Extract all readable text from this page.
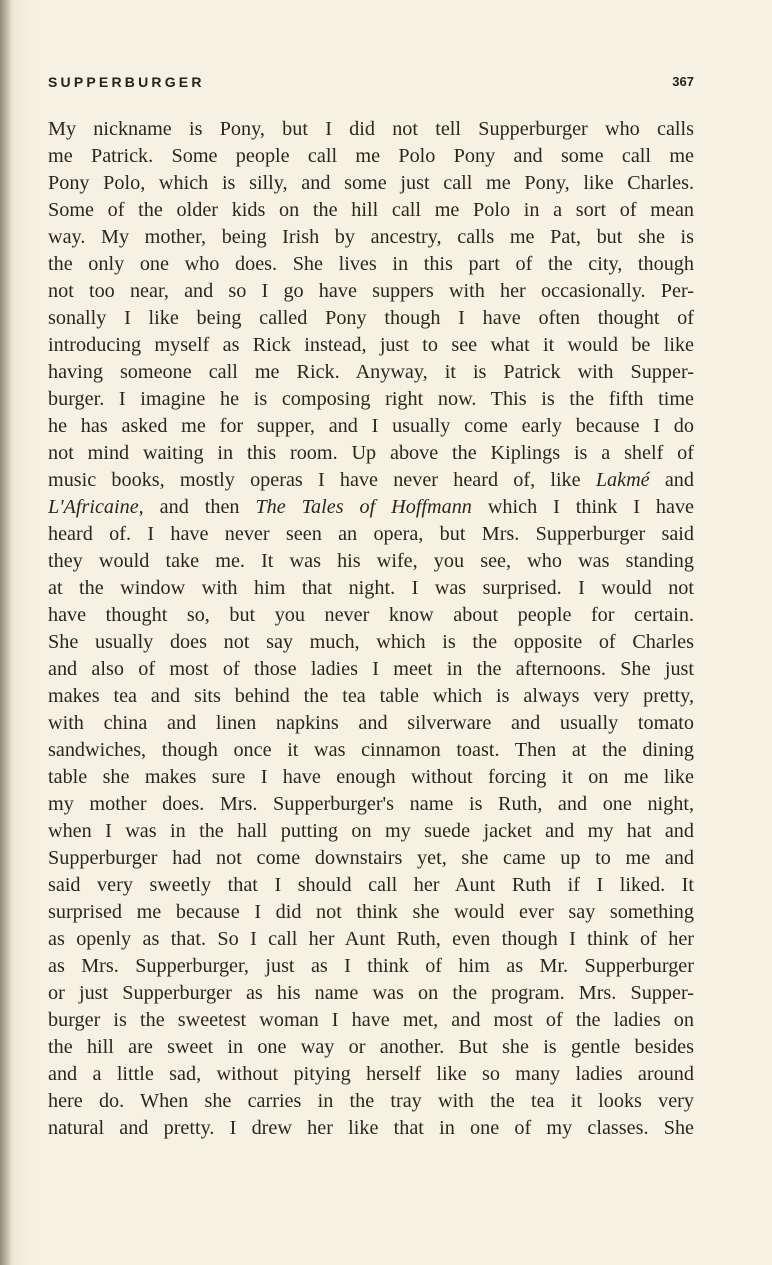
SUPPERBURGER	367
My nickname is Pony, but I did not tell Supperburger who calls
me Patrick. Some people call me Polo Pony and some call me
Pony Polo, which is silly, and some just call me Pony, like Charles.
Some of the older kids on the hill call me Polo in a sort of mean
way. My mother, being Irish by ancestry, calls me Pat, but she is
the only one who does. She lives in this part of the city, though
not too near, and so I go have suppers with her occasionally. Per-
sonally I like being called Pony though I have often thought of
introducing myself as Rick instead, just to see what it would be like
having someone call me Rick. Anyway, it is Patrick with Supper-
burger. I imagine he is composing right now. This is the fifth time
he has asked me for supper, and I usually come early because I do
not mind waiting in this room. Up above the Kiplings is a shelf of
music books, mostly operas I have never heard of, like Lakmé and
L'Africaine, and then The Tales of Hoffmann which I think I have
heard of. I have never seen an opera, but Mrs. Supperburger said
they would take me. It was his wife, you see, who was standing
at the window with him that night. I was surprised. I would not
have thought so, but you never know about people for certain.
She usually does not say much, which is the opposite of Charles
and also of most of those ladies I meet in the afternoons. She just
makes tea and sits behind the tea table which is always very pretty,
with china and linen napkins and silverware and usually tomato
sandwiches, though once it was cinnamon toast. Then at the dining
table she makes sure I have enough without forcing it on me like
my mother does. Mrs. Supperburger's name is Ruth, and one night,
when I was in the hall putting on my suede jacket and my hat and
Supperburger had not come downstairs yet, she came up to me and
said very sweetly that I should call her Aunt Ruth if I liked. It
surprised me because I did not think she would ever say something
as openly as that. So I call her Aunt Ruth, even though I think of her
as Mrs. Supperburger, just as I think of him as Mr. Supperburger
or just Supperburger as his name was on the program. Mrs. Supper-
burger is the sweetest woman I have met, and most of the ladies on
the hill are sweet in one way or another. But she is gentle besides
and a little sad, without pitying herself like so many ladies around
here do. When she carries in the tray with the tea it looks very
natural and pretty. I drew her like that in one of my classes. She
